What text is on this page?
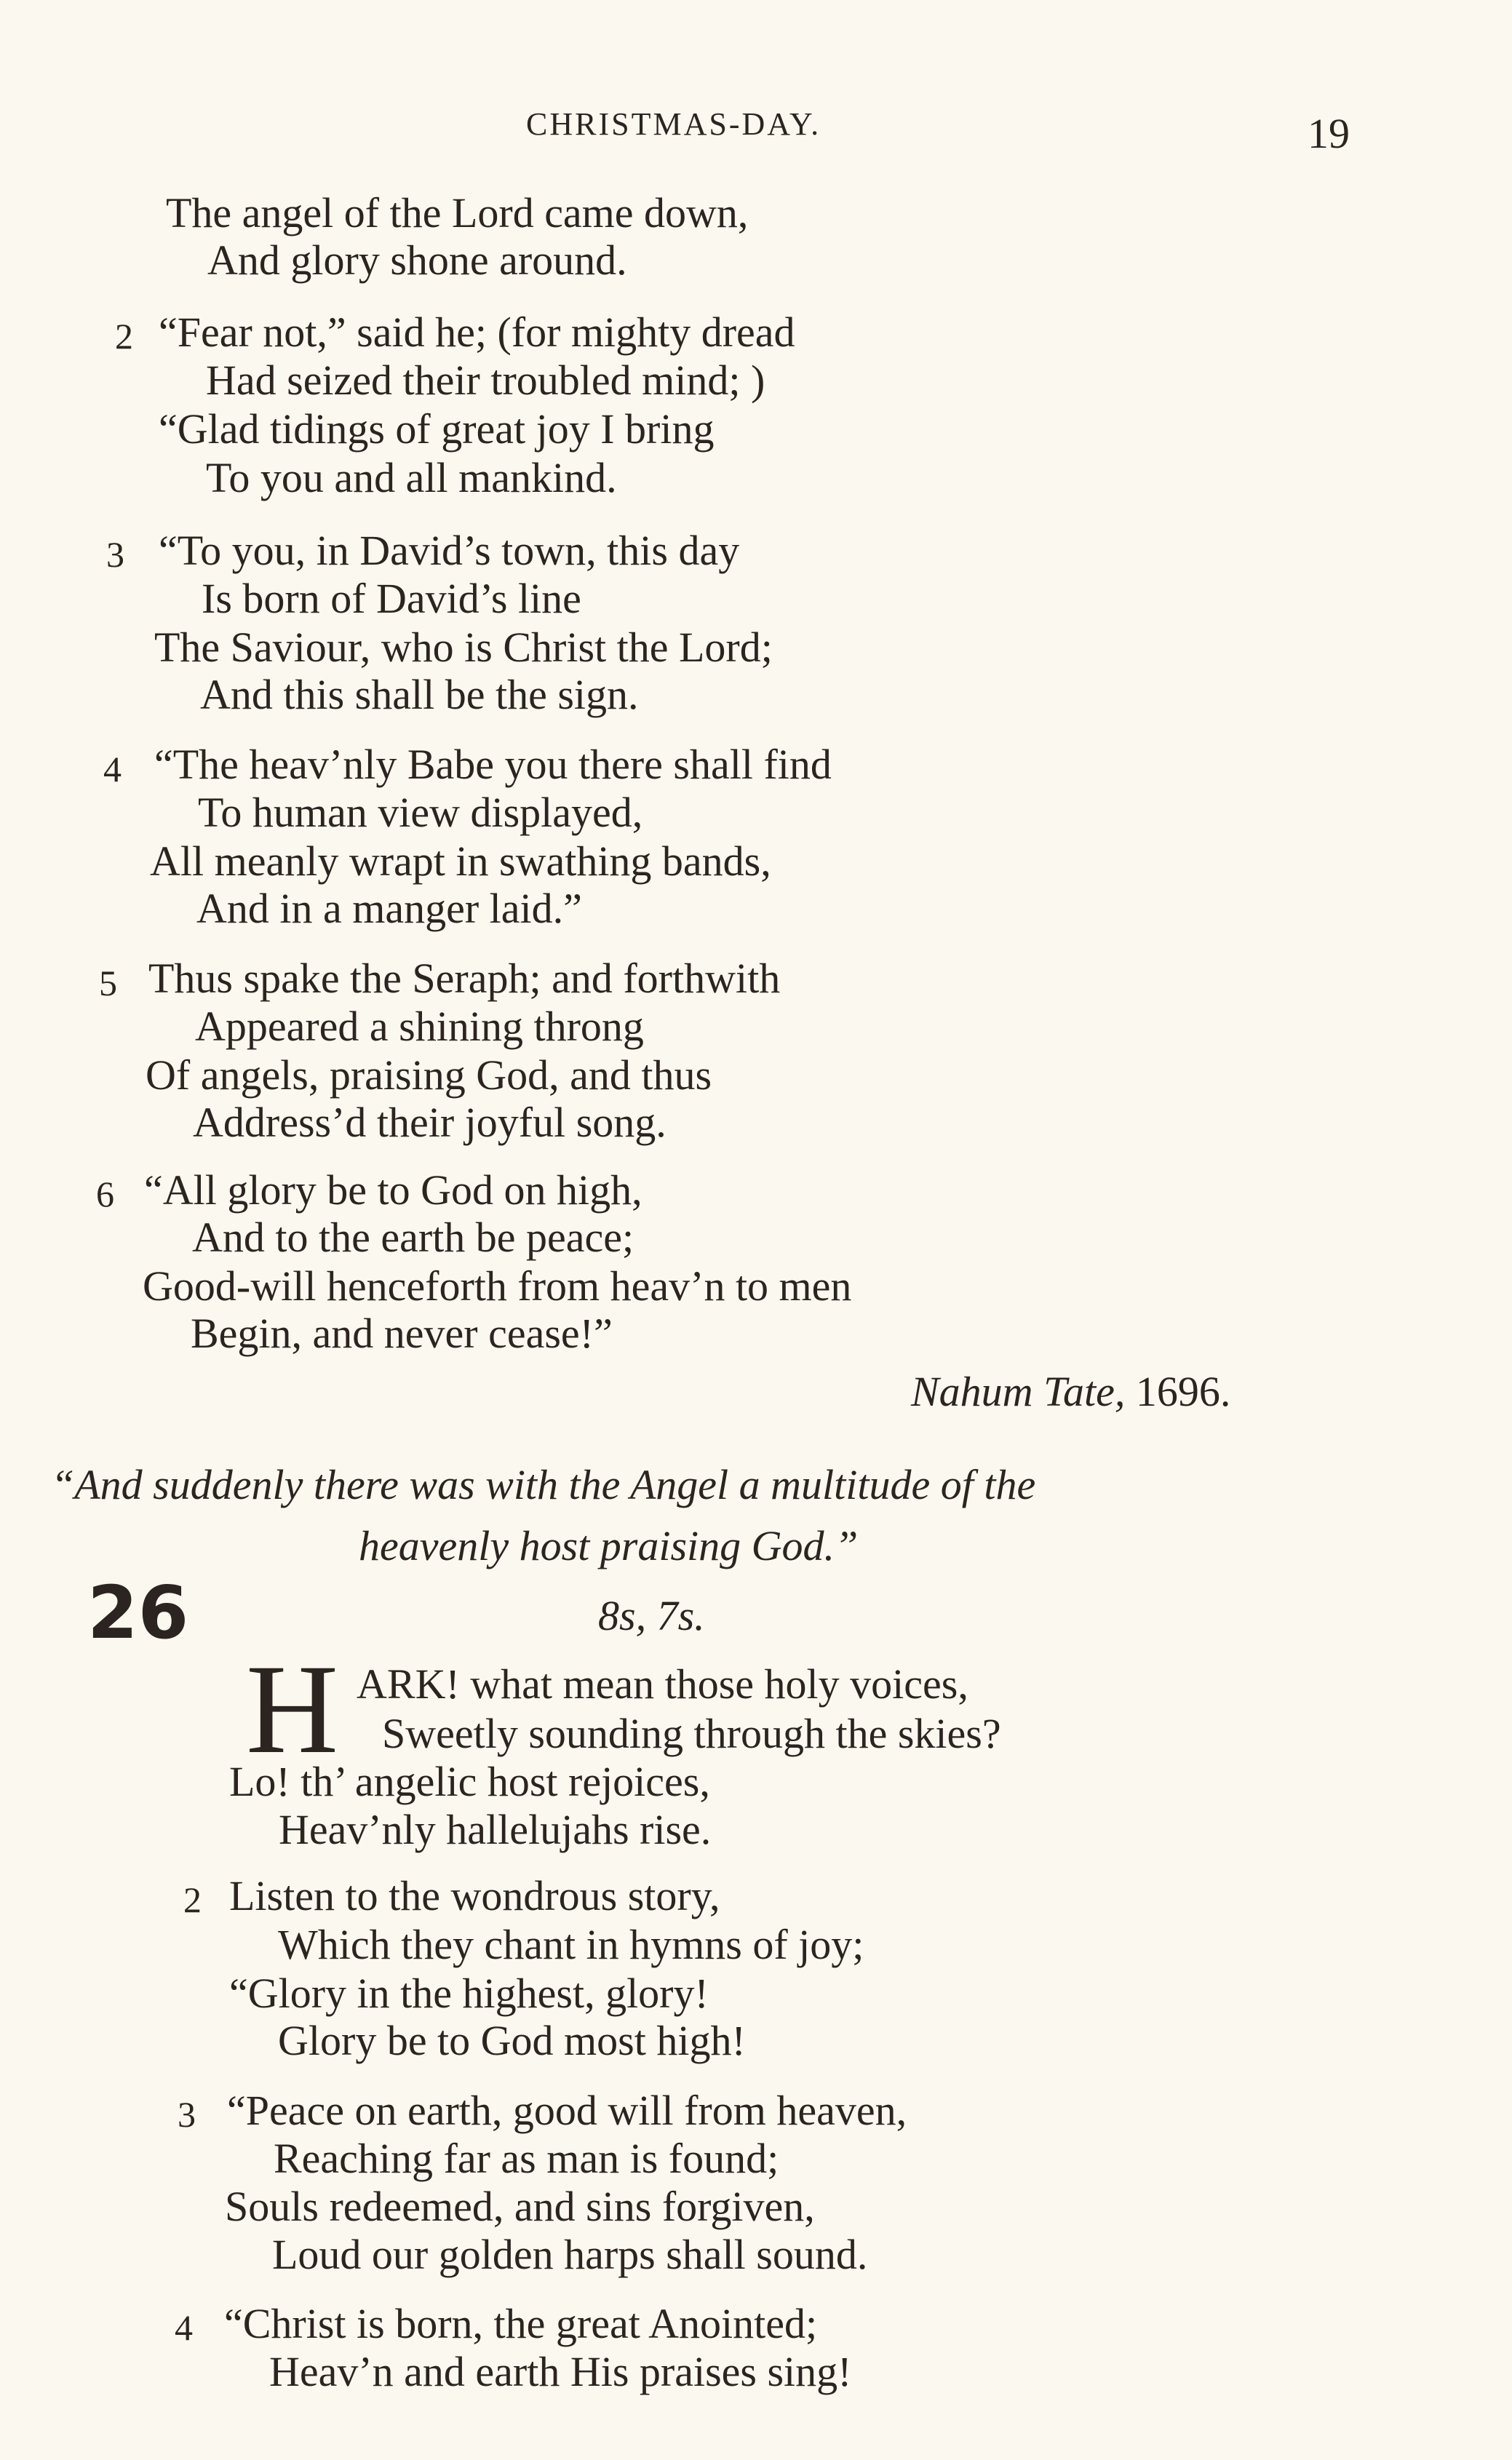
CHRISTMAS-DAY.	19
The angel of the Lord came down,
And glory shone around.
2 “Fear not,” said he; (for mighty dread
Had seized their troubled mind; )
“Glad tidings of great joy I bring
To you and all mankind.
3 “To you, in David’s town, this day
Is born of David’s line
The Saviour, who is Christ the Lord;
And this shall be the sign.
4 “The heav’nly Babe you there shall find
To human view displayed,
All meanly wrapt in swathing bands,
And in a manger laid.”
5 Thus spake the Seraph; and forthwith
Appeared a shining throng
Of angels, praising God, and thus
Address’d their joyful song.
6 “All glory be to God on high,
And to the earth be peace;
Good-will henceforth from heav’n to men
Begin, and never cease!”
Nahum Tate, 1696.
“And suddenly there was with the Angel a multitude of the
heavenly host praising God.”
26	8s, 7s.
H ARK! what mean those holy voices,
Sweetly sounding through the skies?
Lo! th’ angelic host rejoices,
Heav’nly hallelujahs rise.
2 Listen to the wondrous story,
Which they chant in hymns of joy;
“Glory in the highest, glory!
Glory be to God most high!
3 “Peace on earth, good will from heaven,
Reaching far as man is found;
Souls redeemed, and sins forgiven,
Loud our golden harps shall sound.
4 “Christ is born, the great Anointed;
Heav’n and earth His praises sing!
